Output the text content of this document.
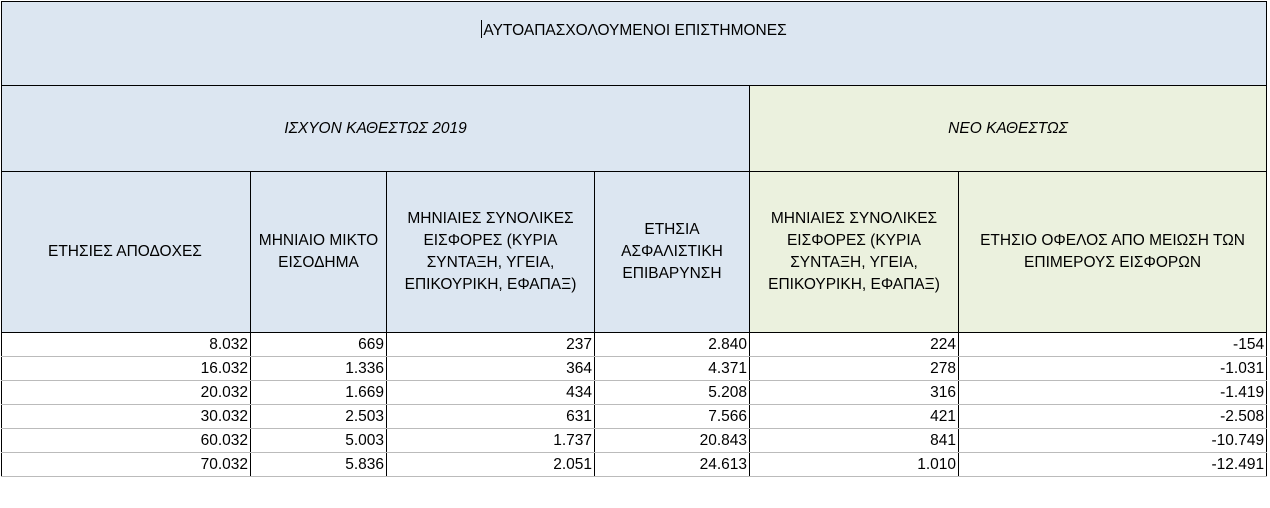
ΑΥΤΟΑΠΑΣΧΟΛΟΥΜΕΝΟΙ ΕΠΙΣΤΗΜΟΝΕΣ					
ΙΣΧΥΟΝ ΚΑΘΕΣΤΩΣ 2019				ΝΕΟ ΚΑΘΕΣΤΩΣ	
ΕΤΗΣΙΕΣ ΑΠΟΔΟΧΕΣ	ΜΗΝΙΑΙΟ ΜΙΚΤΟ ΕΙΣΟΔΗΜΑ	ΜΗΝΙΑΙΕΣ ΣΥΝΟΛΙΚΕΣ ΕΙΣΦΟΡΕΣ (ΚΥΡΙΑ ΣΥΝΤΑΞΗ, ΥΓΕΙΑ, ΕΠΙΚΟΥΡΙΚΗ, ΕΦΑΠΑΞ)	ΕΤΗΣΙΑ ΑΣΦΑΛΙΣΤΙΚΗ ΕΠΙΒΑΡΥΝΣΗ	ΜΗΝΙΑΙΕΣ ΣΥΝΟΛΙΚΕΣ ΕΙΣΦΟΡΕΣ (ΚΥΡΙΑ ΣΥΝΤΑΞΗ, ΥΓΕΙΑ, ΕΠΙΚΟΥΡΙΚΗ, ΕΦΑΠΑΞ)	ΕΤΗΣΙΟ ΟΦΕΛΟΣ ΑΠΟ ΜΕΙΩΣΗ ΤΩΝ ΕΠΙΜΕΡΟΥΣ ΕΙΣΦΟΡΩΝ
8.032	669	237	2.840	224	-154
16.032	1.336	364	4.371	278	-1.031
20.032	1.669	434	5.208	316	-1.419
30.032	2.503	631	7.566	421	-2.508
60.032	5.003	1.737	20.843	841	-10.749
70.032	5.836	2.051	24.613	1.010	-12.491
